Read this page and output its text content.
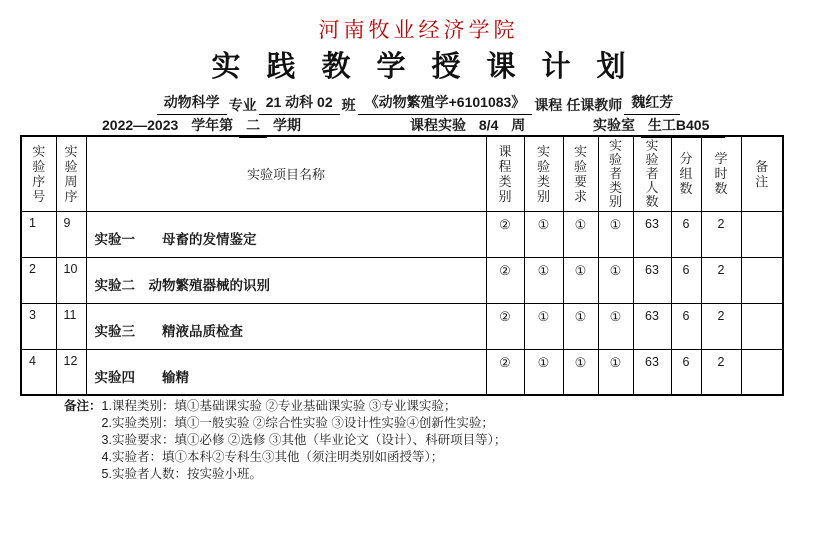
河南牧业经济学院
实践教学授课计划
动物科学 专业 21 动科 02 班 《动物繁殖学+6101083》 课程 任课教师 魏红芳
2022—2023 学年第 二 学期	课程实验 8/4 周	实验室 生工B405
实验序号	实验周序	实验项目名称	课程类别	实验类别	实验要求	实验者类别	实验者人数	分组数	学时数	备注
1	9	实验一　　母畜的发情鉴定	②	①	①	①	63	6	2	
2	10	实验二　动物繁殖器械的识别	②	①	①	①	63	6	2	
3	11	实验三　　精液品质检查	②	①	①	①	63	6	2	
4	12	实验四　　输精	②	①	①	①	63	6	2	
备注： 1.课程类别：填①基础课实验 ②专业基础课实验 ③专业课实验；
2.实验类别：填①一般实验 ②综合性实验 ③设计性实验④创新性实验；
3.实验要求：填①必修 ②选修 ③其他（毕业论文（设计）、科研项目等）；
4.实验者：填①本科②专科生③其他（须注明类别如函授等）；
5.实验者人数：按实验小班。
